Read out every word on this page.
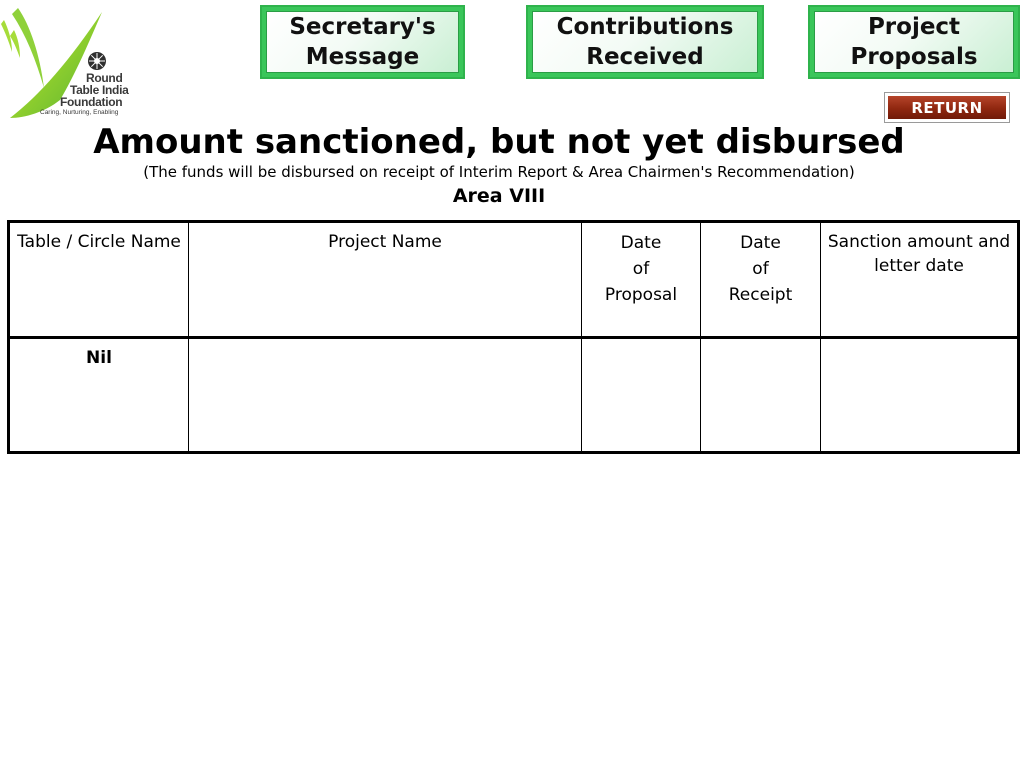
Round
Table India
Foundation
Caring, Nurturing, Enabling
Secretary's
Message
Contributions
Received
Project
Proposals
RETURN
Amount sanctioned, but not yet disbursed
(The funds will be disbursed on receipt of Interim Report & Area Chairmen's Recommendation)
Area VIII
Table / Circle Name	Project Name	Date
of
Proposal	Date
of
Receipt	Sanction amount and letter date
Nil				
